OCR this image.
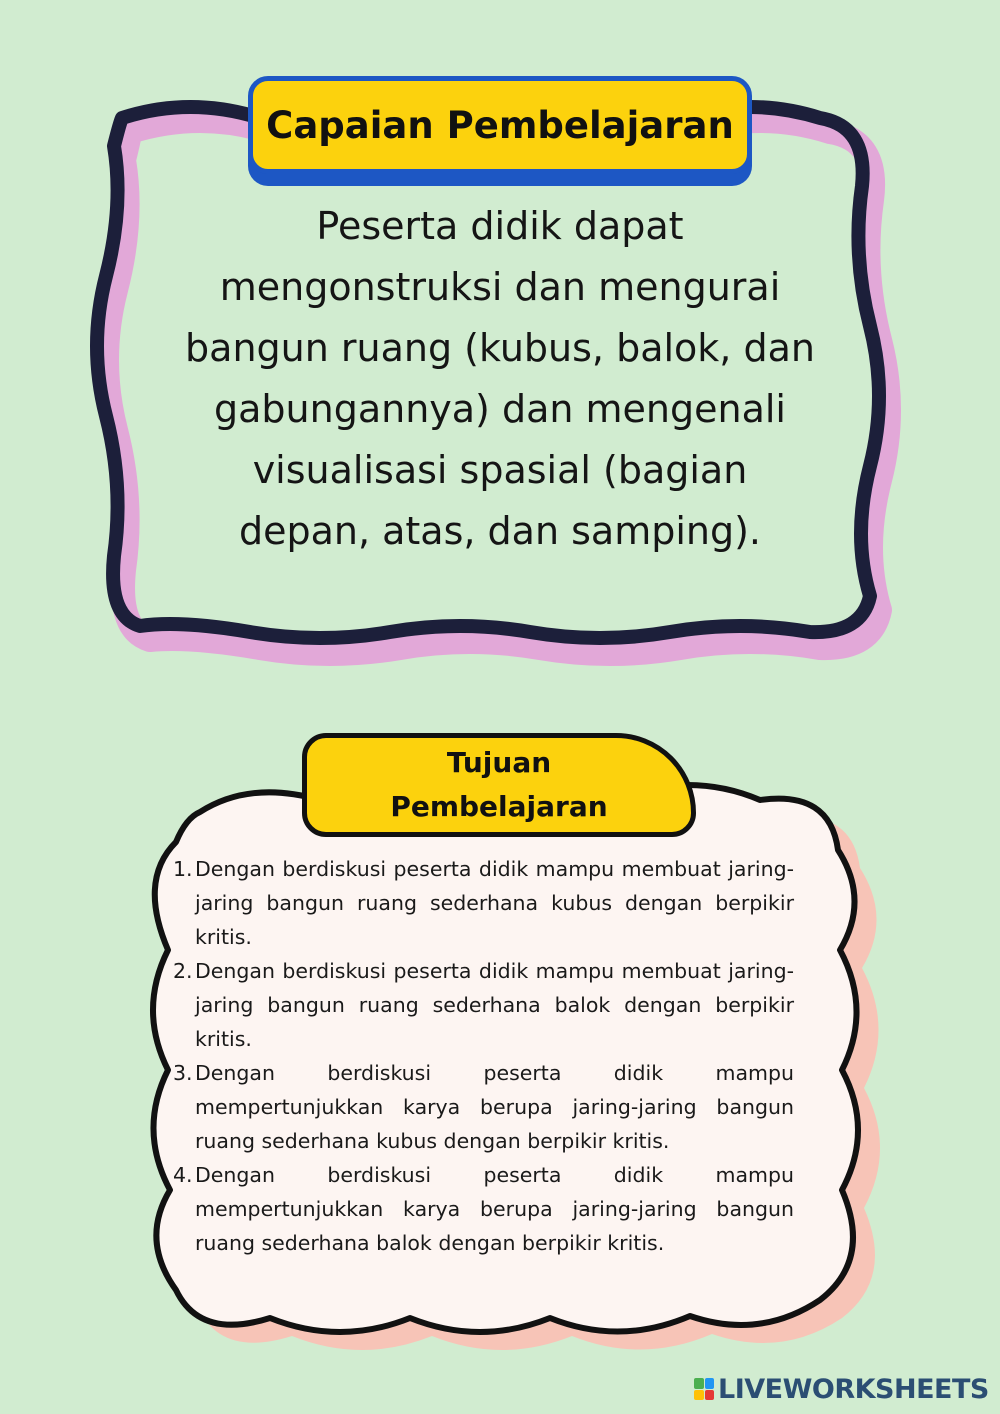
Capaian Pembelajaran
Peserta didik dapat
mengonstruksi dan mengurai
bangun ruang (kubus, balok, dan
gabungannya) dan mengenali
visualisasi spasial (bagian
depan, atas, dan samping).
Tujuan
Pembelajaran
1. Dengan berdiskusi peserta didik mampu membuat jaring-jaring bangun ruang sederhana kubus dengan berpikir kritis.
2. Dengan berdiskusi peserta didik mampu membuat jaring-jaring bangun ruang sederhana balok dengan berpikir kritis.
3. Dengan berdiskusi peserta didik mampu mempertunjukkan karya berupa jaring-jaring bangun ruang sederhana kubus dengan berpikir kritis.
4. Dengan berdiskusi peserta didik mampu mempertunjukkan karya berupa jaring-jaring bangun ruang sederhana balok dengan berpikir kritis.
LIVEWORKSHEETS
